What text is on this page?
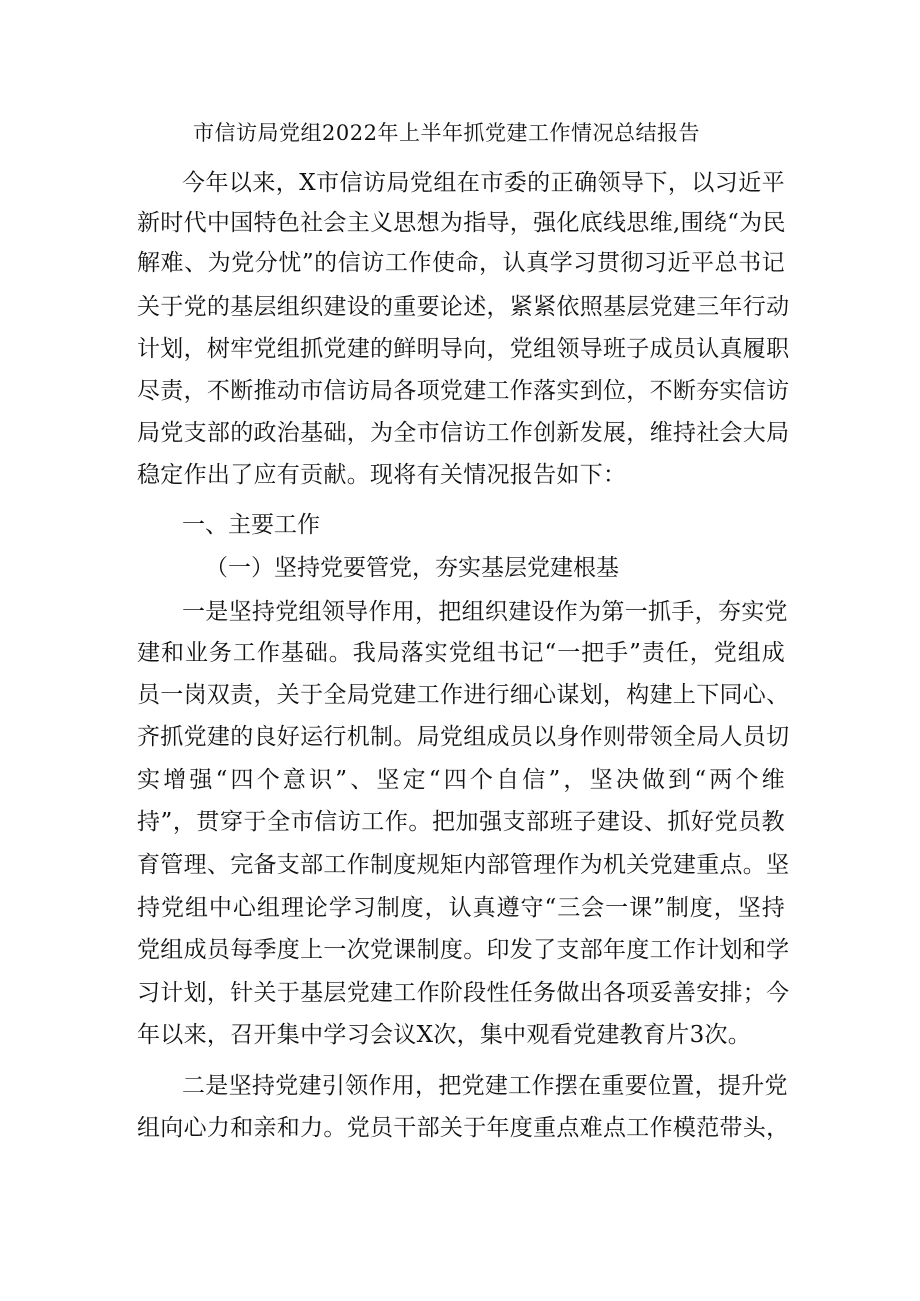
市信访局党组2022年上半年抓党建工作情况总结报告
今年以来，X市信访局党组在市委的正确领导下，以习近平
新时代中国特色社会主义思想为指导，强化底线思维,围绕“为民
解难、为党分忧”的信访工作使命，认真学习贯彻习近平总书记
关于党的基层组织建设的重要论述，紧紧依照基层党建三年行动
计划，树牢党组抓党建的鲜明导向，党组领导班子成员认真履职
尽责，不断推动市信访局各项党建工作落实到位，不断夯实信访
局党支部的政治基础，为全市信访工作创新发展，维持社会大局
稳定作出了应有贡献。现将有关情况报告如下：
一、主要工作
（一）坚持党要管党，夯实基层党建根基
一是坚持党组领导作用，把组织建设作为第一抓手，夯实党
建和业务工作基础。我局落实党组书记“一把手”责任，党组成
员一岗双责，关于全局党建工作进行细心谋划，构建上下同心、
齐抓党建的良好运行机制。局党组成员以身作则带领全局人员切
实增强“四个意识”、坚定“四个自信”，坚决做到“两个维
持”，贯穿于全市信访工作。把加强支部班子建设、抓好党员教
育管理、完备支部工作制度规矩内部管理作为机关党建重点。坚
持党组中心组理论学习制度，认真遵守“三会一课”制度，坚持
党组成员每季度上一次党课制度。印发了支部年度工作计划和学
习计划，针关于基层党建工作阶段性任务做出各项妥善安排；今
年以来，召开集中学习会议X次，集中观看党建教育片3次。
二是坚持党建引领作用，把党建工作摆在重要位置，提升党
组向心力和亲和力。党员干部关于年度重点难点工作模范带头，
